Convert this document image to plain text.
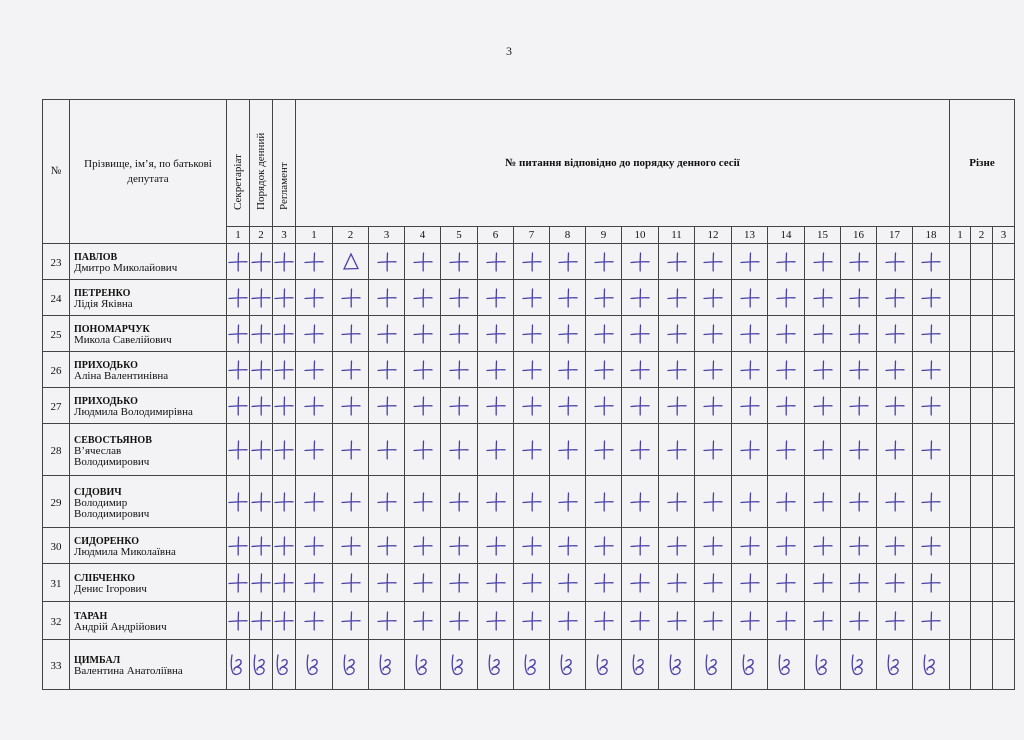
3
№	Прізвище, ім’я, по батькові депутата	Секретаріат	Порядок денний	Регламент	№ питання відповідно до порядку денного сесії																		Різне		
		1	2	3	1	2	3	4	5	6	7	8	9	10	11	12	13	14	15	16	17	18	1	2	3
23	ПАВЛОВ
Дмитро Миколайович

24	ПЕТРЕНКО
Лідія Яківна

25	ПОНОМАРЧУК
Микола Савелійович

26	ПРИХОДЬКО
Аліна Валентинівна

27	ПРИХОДЬКО
Людмила Володимирівна

28	СЕВОСТЬЯНОВ
В’ячеслав
Володимирович

29	СІДОВИЧ
Володимир
Володимирович

30	СИДОРЕНКО
Людмила Миколаївна

31	СЛІБЧЕНКО
Денис Ігорович

32	ТАРАН
Андрій Андрійович

33	ЦИМБАЛ
Валентина Анатоліївна
